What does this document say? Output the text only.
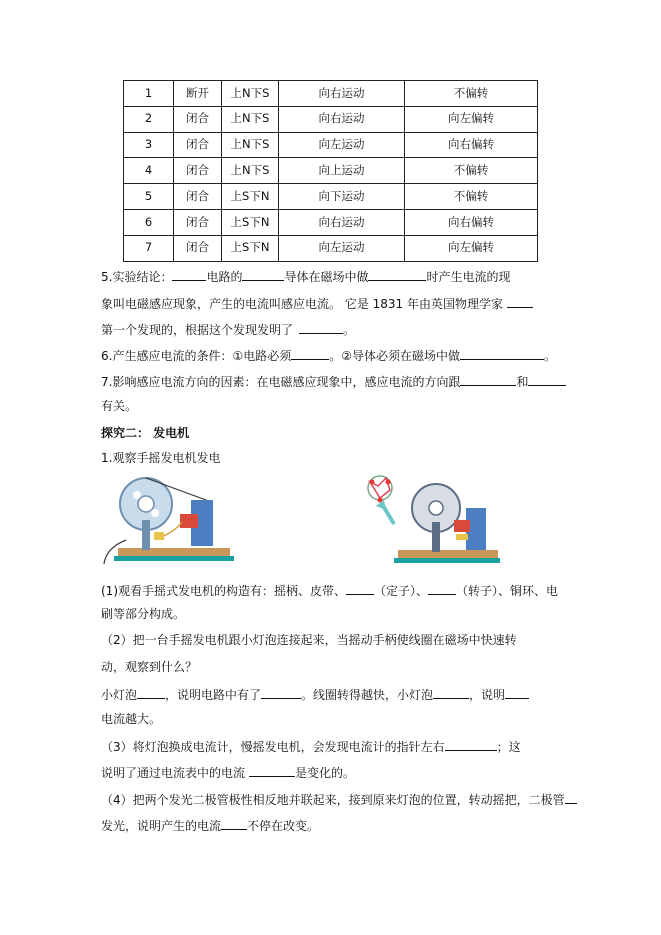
1	断开	上N下S	向右运动	不偏转
2	闭合	上N下S	向右运动	向左偏转
3	闭合	上N下S	向左运动	向右偏转
4	闭合	上N下S	向上运动	不偏转
5	闭合	上S下N	向下运动	不偏转
6	闭合	上S下N	向右运动	向右偏转
7	闭合	上S下N	向左运动	向左偏转
5.实验结论：	电路的	导体在磁场中做	时产生电流的现
象叫电磁感应现象，产生的电流叫感应电流。 它是 1831 年由英国物理学家
第一个发现的，根据这个发现发明了	。
6.产生感应电流的条件：①电路必须	。②导体必须在磁场中做	。
7.影响感应电流方向的因素：在电磁感应现象中，感应电流的方向跟	和
有关。
探究二： 发电机
1.观察手摇发电机发电
(1)观看手摇式发电机的构造有：摇柄、皮带、 （定子）、 （转子）、铜环、电
刷等部分构成。
（2）把一台手摇发电机跟小灯泡连接起来，当摇动手柄使线圈在磁场中快速转
动，观察到什么？
小灯泡 ，说明电路中有了	。线圈转得越快，小灯泡	，说明
电流越大。
（3）将灯泡换成电流计，慢摇发电机，会发现电流计的指针左右	；这
说明了通过电流表中的电流	是变化的。
（4）把两个发光二极管极性相反地并联起来，接到原来灯泡的位置，转动摇把，二极管
发光，说明产生的电流 不停在改变。
